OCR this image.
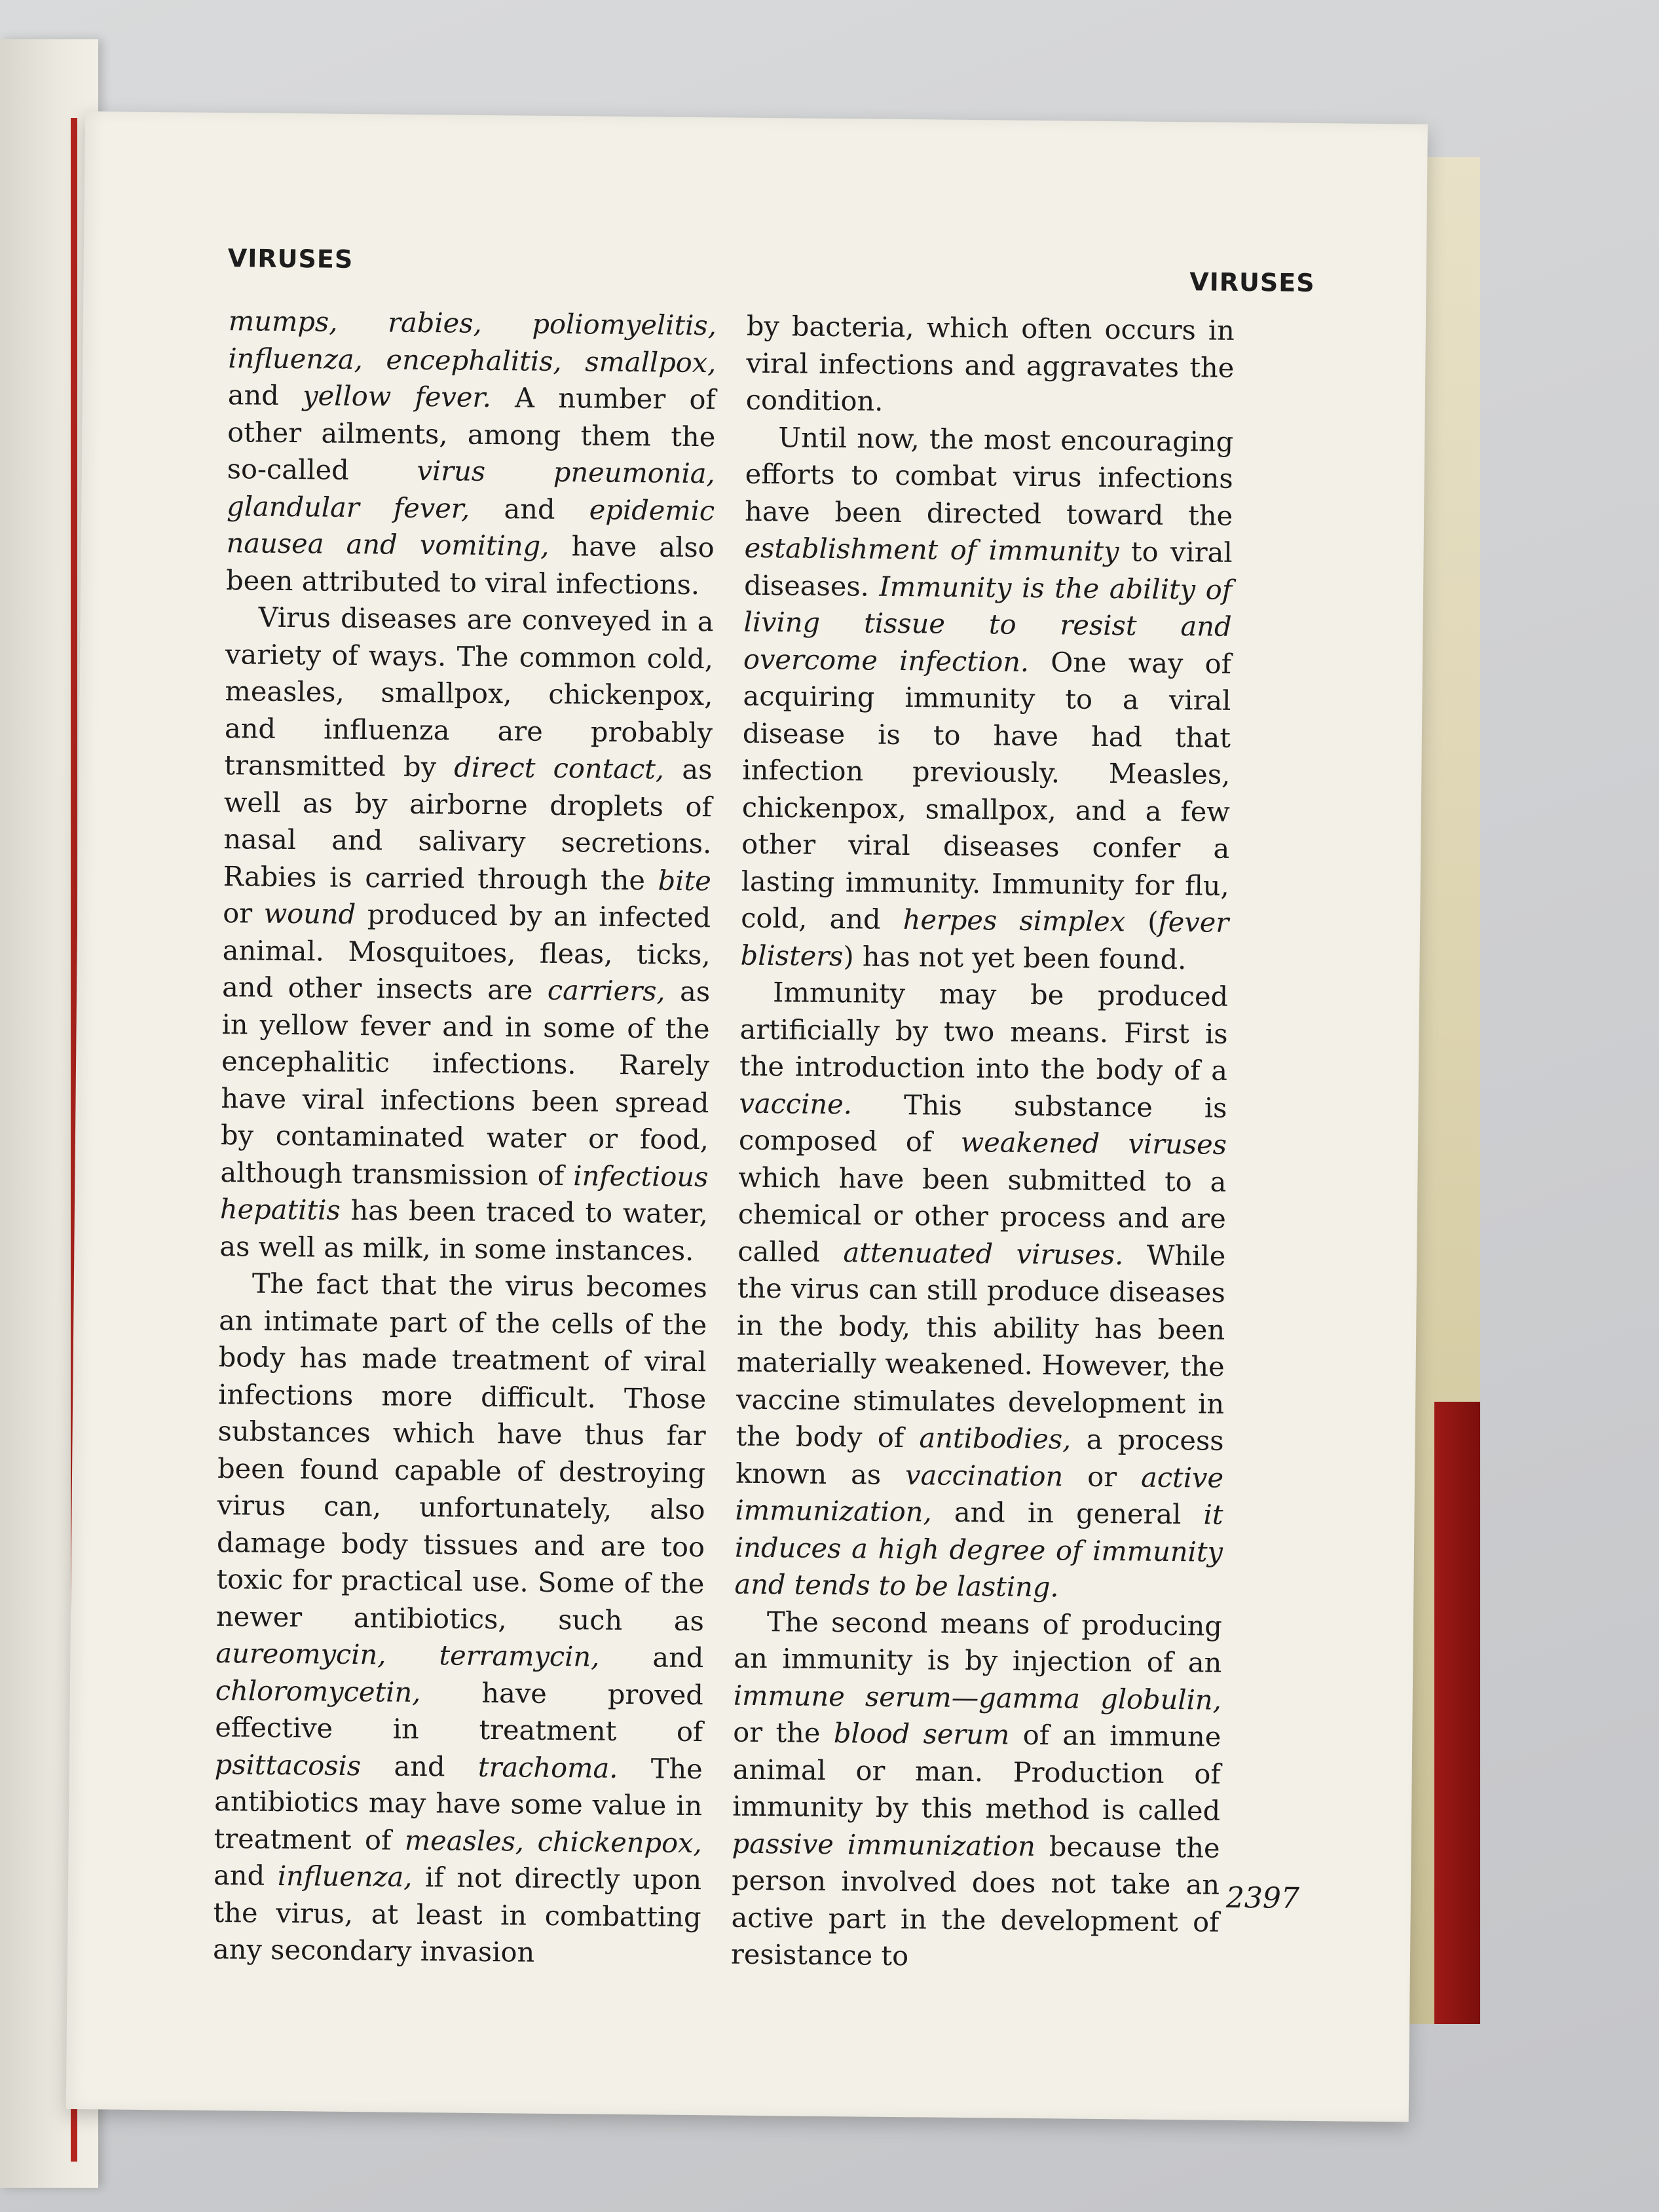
VIRUSES
VIRUSES

mumps, rabies, poliomyelitis, influenza, encephalitis, smallpox, and yellow fever. A number of other ailments, among them the so-called virus pneumonia, glandular fever, and epidemic nausea and vomiting, have also been attributed to viral infections.

Virus diseases are conveyed in a variety of ways. The common cold, measles, smallpox, chickenpox, and influenza are probably transmitted by direct contact, as well as by airborne droplets of nasal and salivary secretions. Rabies is carried through the bite or wound produced by an infected animal. Mosquitoes, fleas, ticks, and other insects are carriers, as in yellow fever and in some of the encephalitic infections. Rarely have viral infections been spread by contaminated water or food, although transmission of infectious hepatitis has been traced to water, as well as milk, in some instances.

The fact that the virus becomes an intimate part of the cells of the body has made treatment of viral infections more difficult. Those substances which have thus far been found capable of destroying virus can, unfortunately, also damage body tissues and are too toxic for practical use. Some of the newer antibiotics, such as aureomycin, terramycin, and chloromycetin, have proved effective in treatment of psittacosis and trachoma. The antibiotics may have some value in treatment of measles, chickenpox, and influenza, if not directly upon the virus, at least in combatting any secondary invasion

by bacteria, which often occurs in viral infections and aggravates the condition.

Until now, the most encouraging efforts to combat virus infections have been directed toward the establishment of immunity to viral diseases. Immunity is the ability of living tissue to resist and overcome infection. One way of acquiring immunity to a viral disease is to have had that infection previously. Measles, chickenpox, smallpox, and a few other viral diseases confer a lasting immunity. Immunity for flu, cold, and herpes simplex (fever blisters) has not yet been found.

Immunity may be produced artificially by two means. First is the introduction into the body of a vaccine. This substance is composed of weakened viruses which have been submitted to a chemical or other process and are called attenuated viruses. While the virus can still produce diseases in the body, this ability has been materially weakened. However, the vaccine stimulates development in the body of antibodies, a process known as vaccination or active immunization, and in general it induces a high degree of immunity and tends to be lasting.

The second means of producing an immunity is by injection of an immune serum—gamma globulin, or the blood serum of an immune animal or man. Production of immunity by this method is called passive immunization because the person involved does not take an active part in the development of resistance to

2397
